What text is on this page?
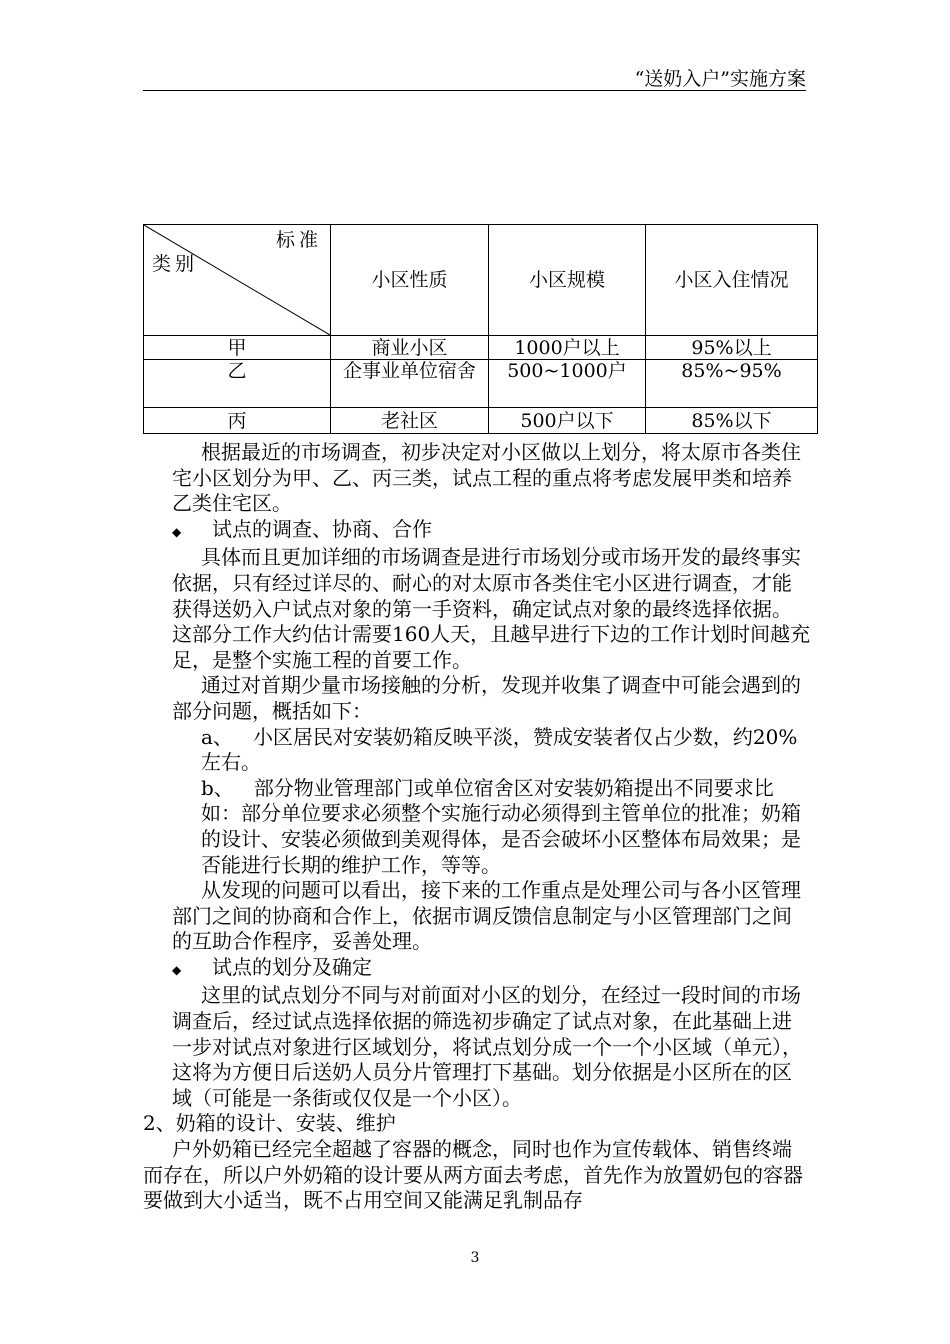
“送奶入户”实施方案
标准
类别	小区性质	小区规模	小区入住情况
甲	商业小区	1000户以上	95%以上
乙	企事业单位宿舍	500~1000户	85%~95%
丙	老社区	500户以下	85%以下

根据最近的市场调查，初步决定对小区做以上划分，将太原市各类住宅小区划分为甲、乙、丙三类，试点工程的重点将考虑发展甲类和培养乙类住宅区。

◆	试点的调查、协商、合作

具体而且更加详细的市场调查是进行市场划分或市场开发的最终事实依据，只有经过详尽的、耐心的对太原市各类住宅小区进行调查，才能获得送奶入户试点对象的第一手资料，确定试点对象的最终选择依据。这部分工作大约估计需要160人天，且越早进行下边的工作计划时间越充足，是整个实施工程的首要工作。

通过对首期少量市场接触的分析，发现并收集了调查中可能会遇到的部分问题，概括如下：

a、  小区居民对安装奶箱反映平淡，赞成安装者仅占少数，约20%左右。

b、  部分物业管理部门或单位宿舍区对安装奶箱提出不同要求比如：部分单位要求必须整个实施行动必须得到主管单位的批准；奶箱的设计、安装必须做到美观得体，是否会破坏小区整体布局效果；是否能进行长期的维护工作，等等。

从发现的问题可以看出，接下来的工作重点是处理公司与各小区管理部门之间的协商和合作上，依据市调反馈信息制定与小区管理部门之间的互助合作程序，妥善处理。

◆	试点的划分及确定

这里的试点划分不同与对前面对小区的划分，在经过一段时间的市场调查后，经过试点选择依据的筛选初步确定了试点对象，在此基础上进一步对试点对象进行区域划分，将试点划分成一个一个小区域（单元），这将为方便日后送奶人员分片管理打下基础。划分依据是小区所在的区域（可能是一条街或仅仅是一个小区）。

2、奶箱的设计、安装、维护

户外奶箱已经完全超越了容器的概念，同时也作为宣传载体、销售终端而存在，所以户外奶箱的设计要从两方面去考虑，首先作为放置奶包的容器要做到大小适当，既不占用空间又能满足乳制品存

3
